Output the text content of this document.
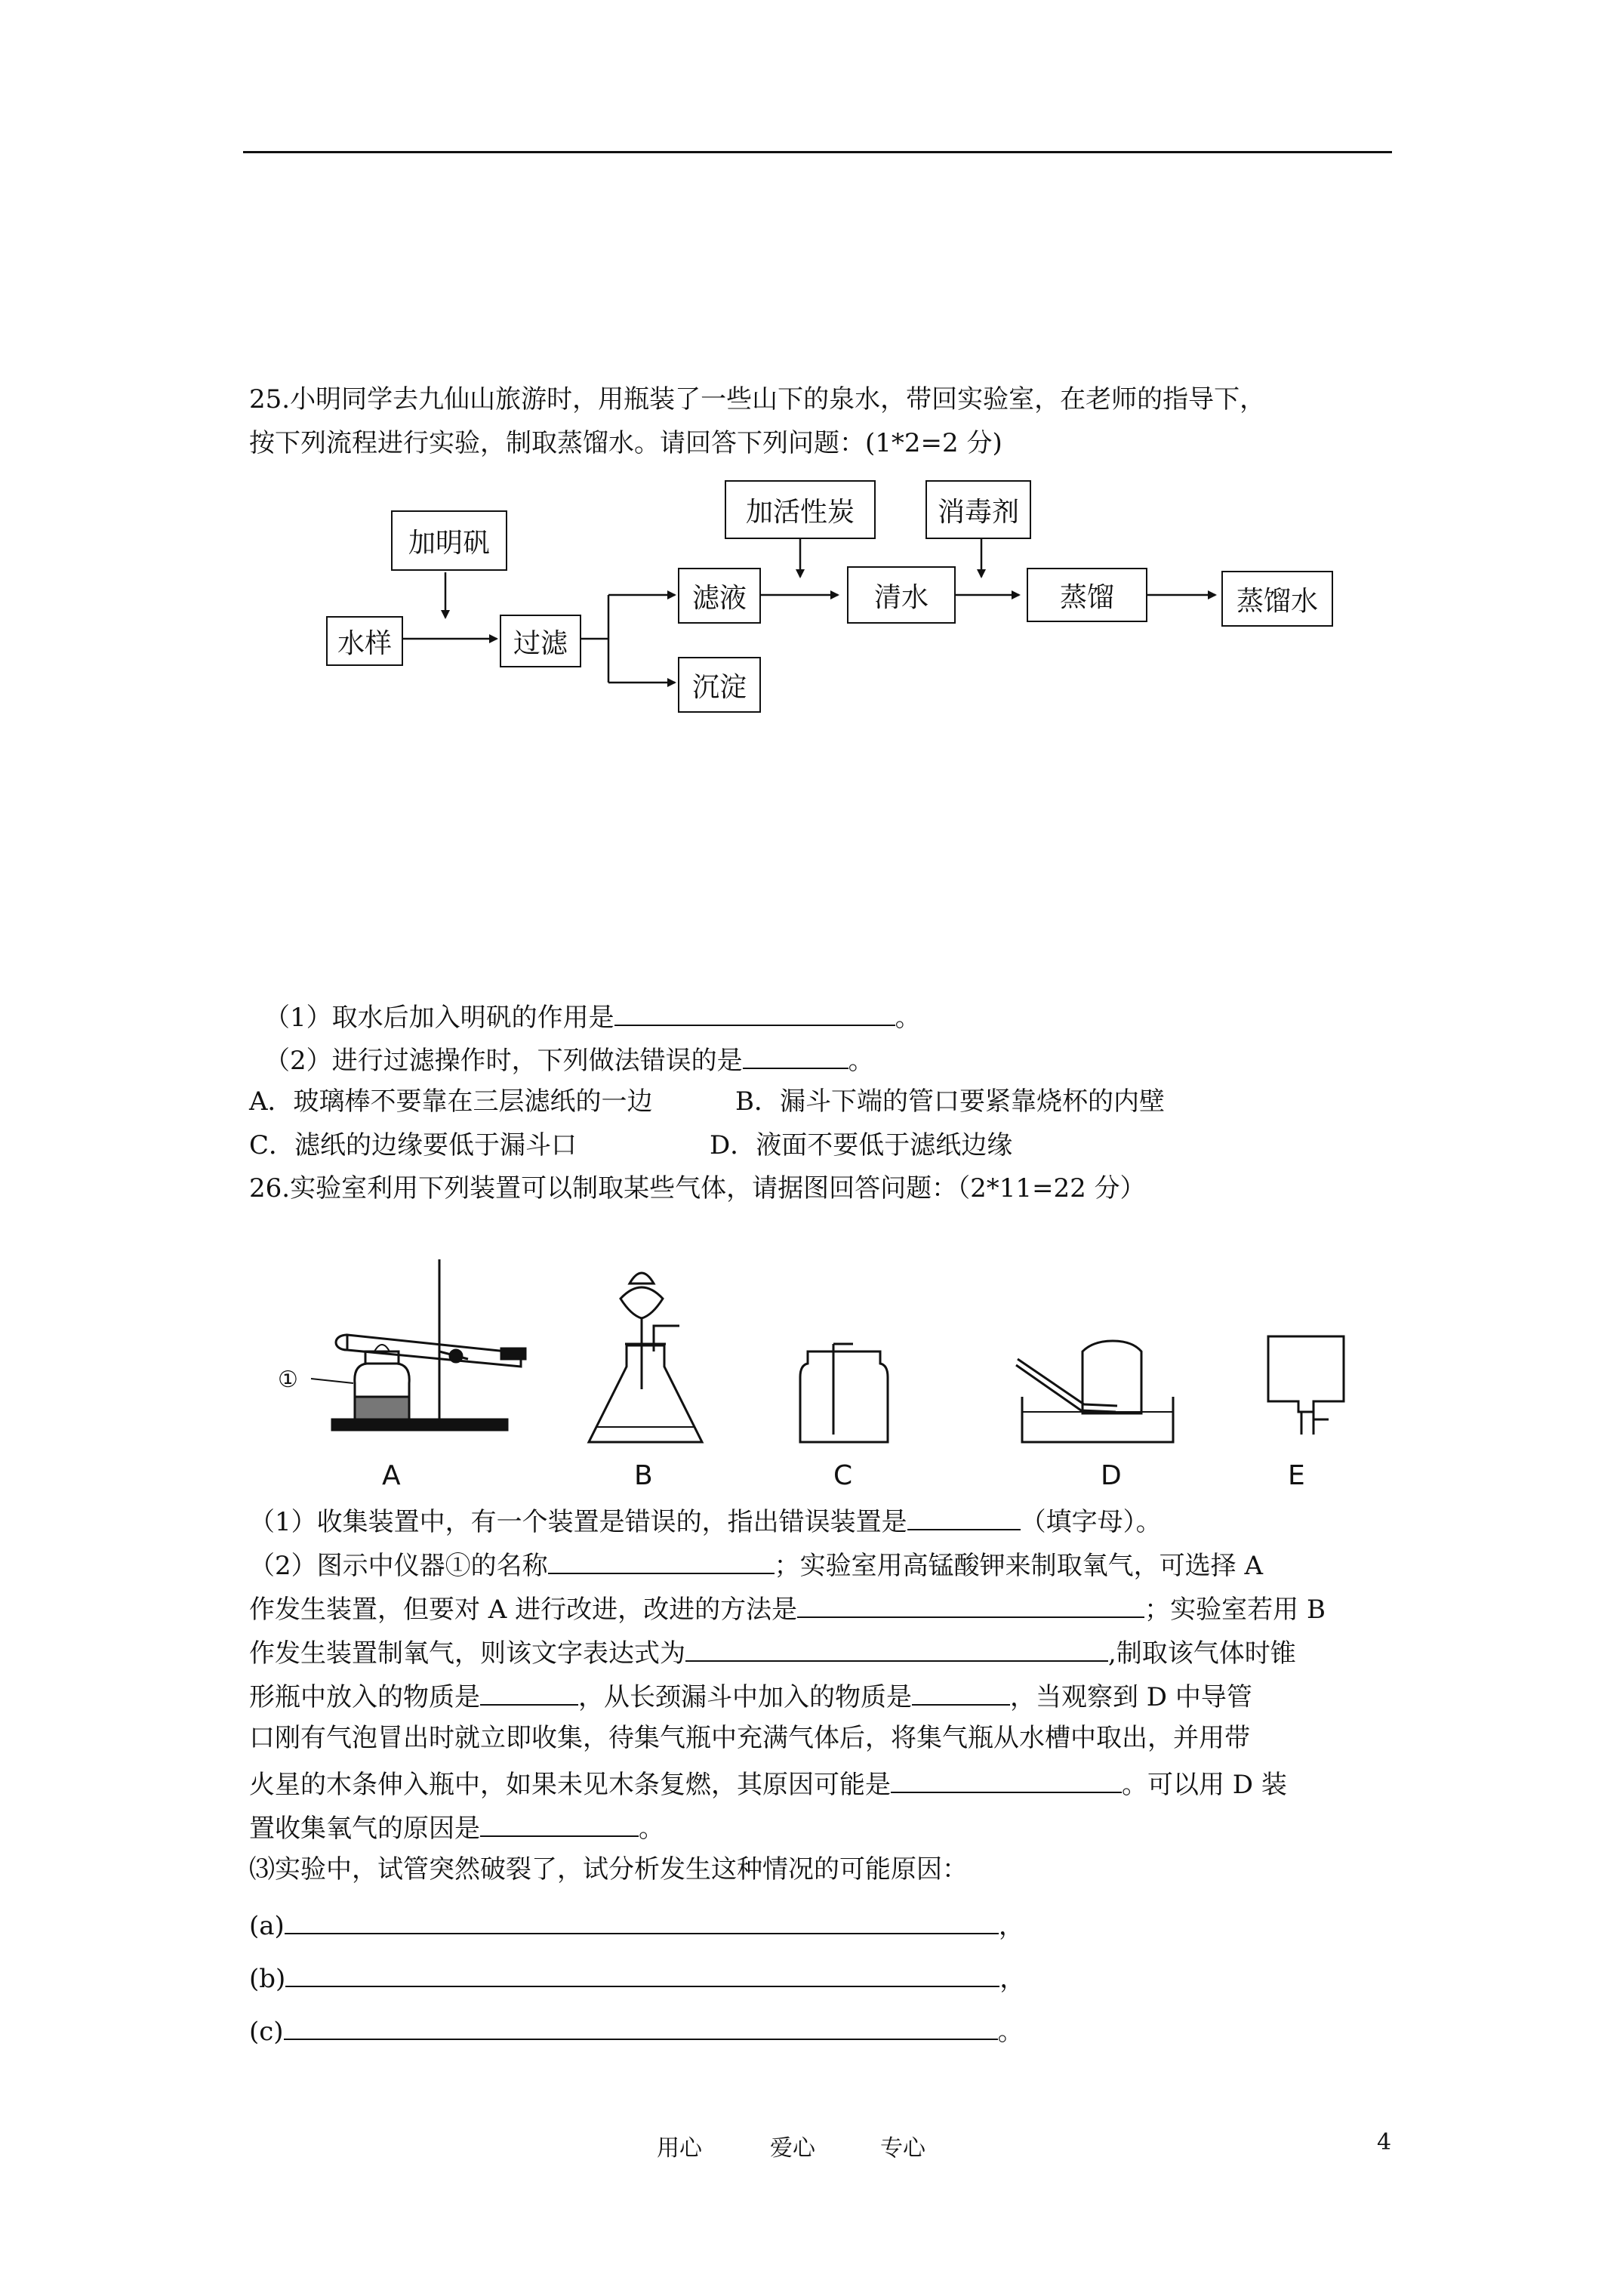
25.小明同学去九仙山旅游时，用瓶装了一些山下的泉水，带回实验室，在老师的指导下，
按下列流程进行实验，制取蒸馏水。请回答下列问题：(1*2=2 分)
加明矾
水样	过滤
滤液
沉淀
加活性炭
清水
消毒剂
蒸馏	蒸馏水
（1）取水后加入明矾的作用是	。
（2）进行过滤操作时，下列做法错误的是	。
A．玻璃棒不要靠在三层滤纸的一边	B．漏斗下端的管口要紧靠烧杯的内壁
C．滤纸的边缘要低于漏斗口	D．液面不要低于滤纸边缘
26.实验室利用下列装置可以制取某些气体，请据图回答问题：（2*11=22 分）
①
A	B	C	D	E
（1）收集装置中，有一个装置是错误的，指出错误装置是	（填字母）。
（2）图示中仪器①的名称	；实验室用高锰酸钾来制取氧气，可选择 A
作发生装置，但要对 A 进行改进，改进的方法是	；实验室若用 B
作发生装置制氧气，则该文字表达式为	,制取该气体时锥
形瓶中放入的物质是	，从长颈漏斗中加入的物质是	，当观察到 D 中导管
口刚有气泡冒出时就立即收集，待集气瓶中充满气体后，将集气瓶从水槽中取出，并用带
火星的木条伸入瓶中，如果未见木条复燃，其原因可能是	。可以用 D 装
置收集氧气的原因是	。
⑶实验中，试管突然破裂了，试分析发生这种情况的可能原因：
(a)	，
(b)	，
(c)	。
用心	爱心	专心	4
